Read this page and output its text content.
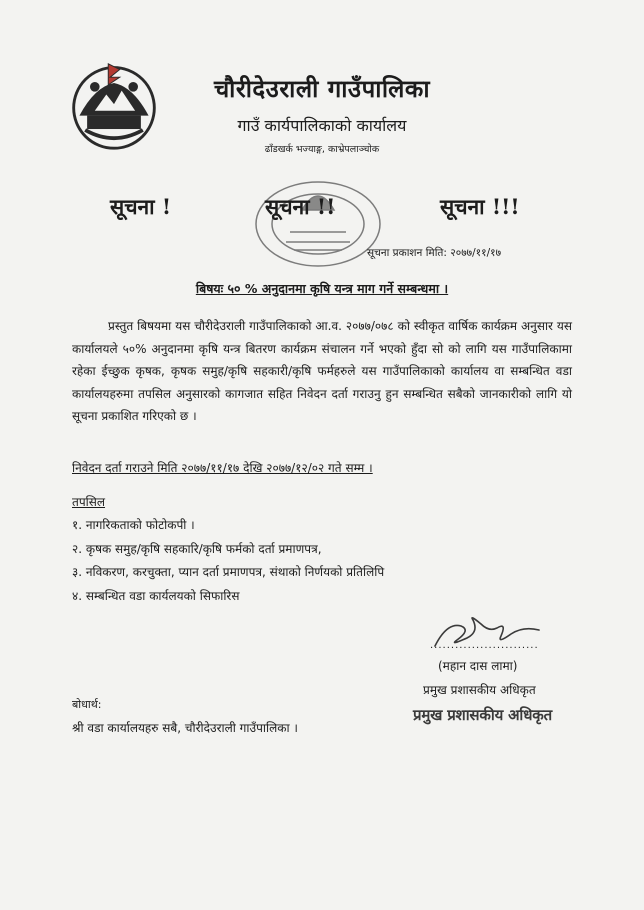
चौरीदेउराली गाउँपालिका
गाउँ कार्यपालिकाको कार्यालय
ढाँडखर्क भज्याङ्ग, काभ्रेपलाञ्चोक
सूचना !	सूचना !!	सूचना !!!
सूचना प्रकाशन मिति: २०७७/११/१७
बिषयः ५० % अनुदानमा कृषि यन्त्र माग गर्ने सम्बन्धमा ।

प्रस्तुत बिषयमा यस चौरीदेउराली गाउँपालिकाको आ.व. २०७७/०७८ को स्वीकृत वार्षिक कार्यक्रम अनुसार यस कार्यालयले ५०% अनुदानमा कृषि यन्त्र बितरण कार्यक्रम संचालन गर्ने भएको हुँदा सो को लागि यस गाउँपालिकामा रहेका ईच्छुक कृषक, कृषक समुह/कृषि सहकारी/कृषि फर्महरुले यस गाउँपालिकाको कार्यालय वा सम्बन्धित वडा कार्यालयहरुमा तपसिल अनुसारको कागजात सहित निवेदन दर्ता गराउनु हुन सम्बन्धित सबैको जानकारीको लागि यो सूचना प्रकाशित गरिएको छ ।

निवेदन दर्ता गराउने मिति २०७७/११/१७ देखि २०७७/१२/०२ गते सम्म ।
तपसिल
१. नागरिकताको फोटोकपी ।
२. कृषक समुह/कृषि सहकारि/कृषि फर्मको दर्ता प्रमाणपत्र,
३. नविकरण, करचुक्ता, प्यान दर्ता प्रमाणपत्र, संथाको निर्णयको प्रतिलिपि
४. सम्बन्धित वडा कार्यलयको सिफारिस
..........................
(महान दास लामा)
प्रमुख प्रशासकीय अधिकृत
प्रमुख प्रशासकीय अधिकृत
बोधार्थ:
श्री वडा कार्यालयहरु सबै, चौरीदेउराली गाउँपालिका ।
